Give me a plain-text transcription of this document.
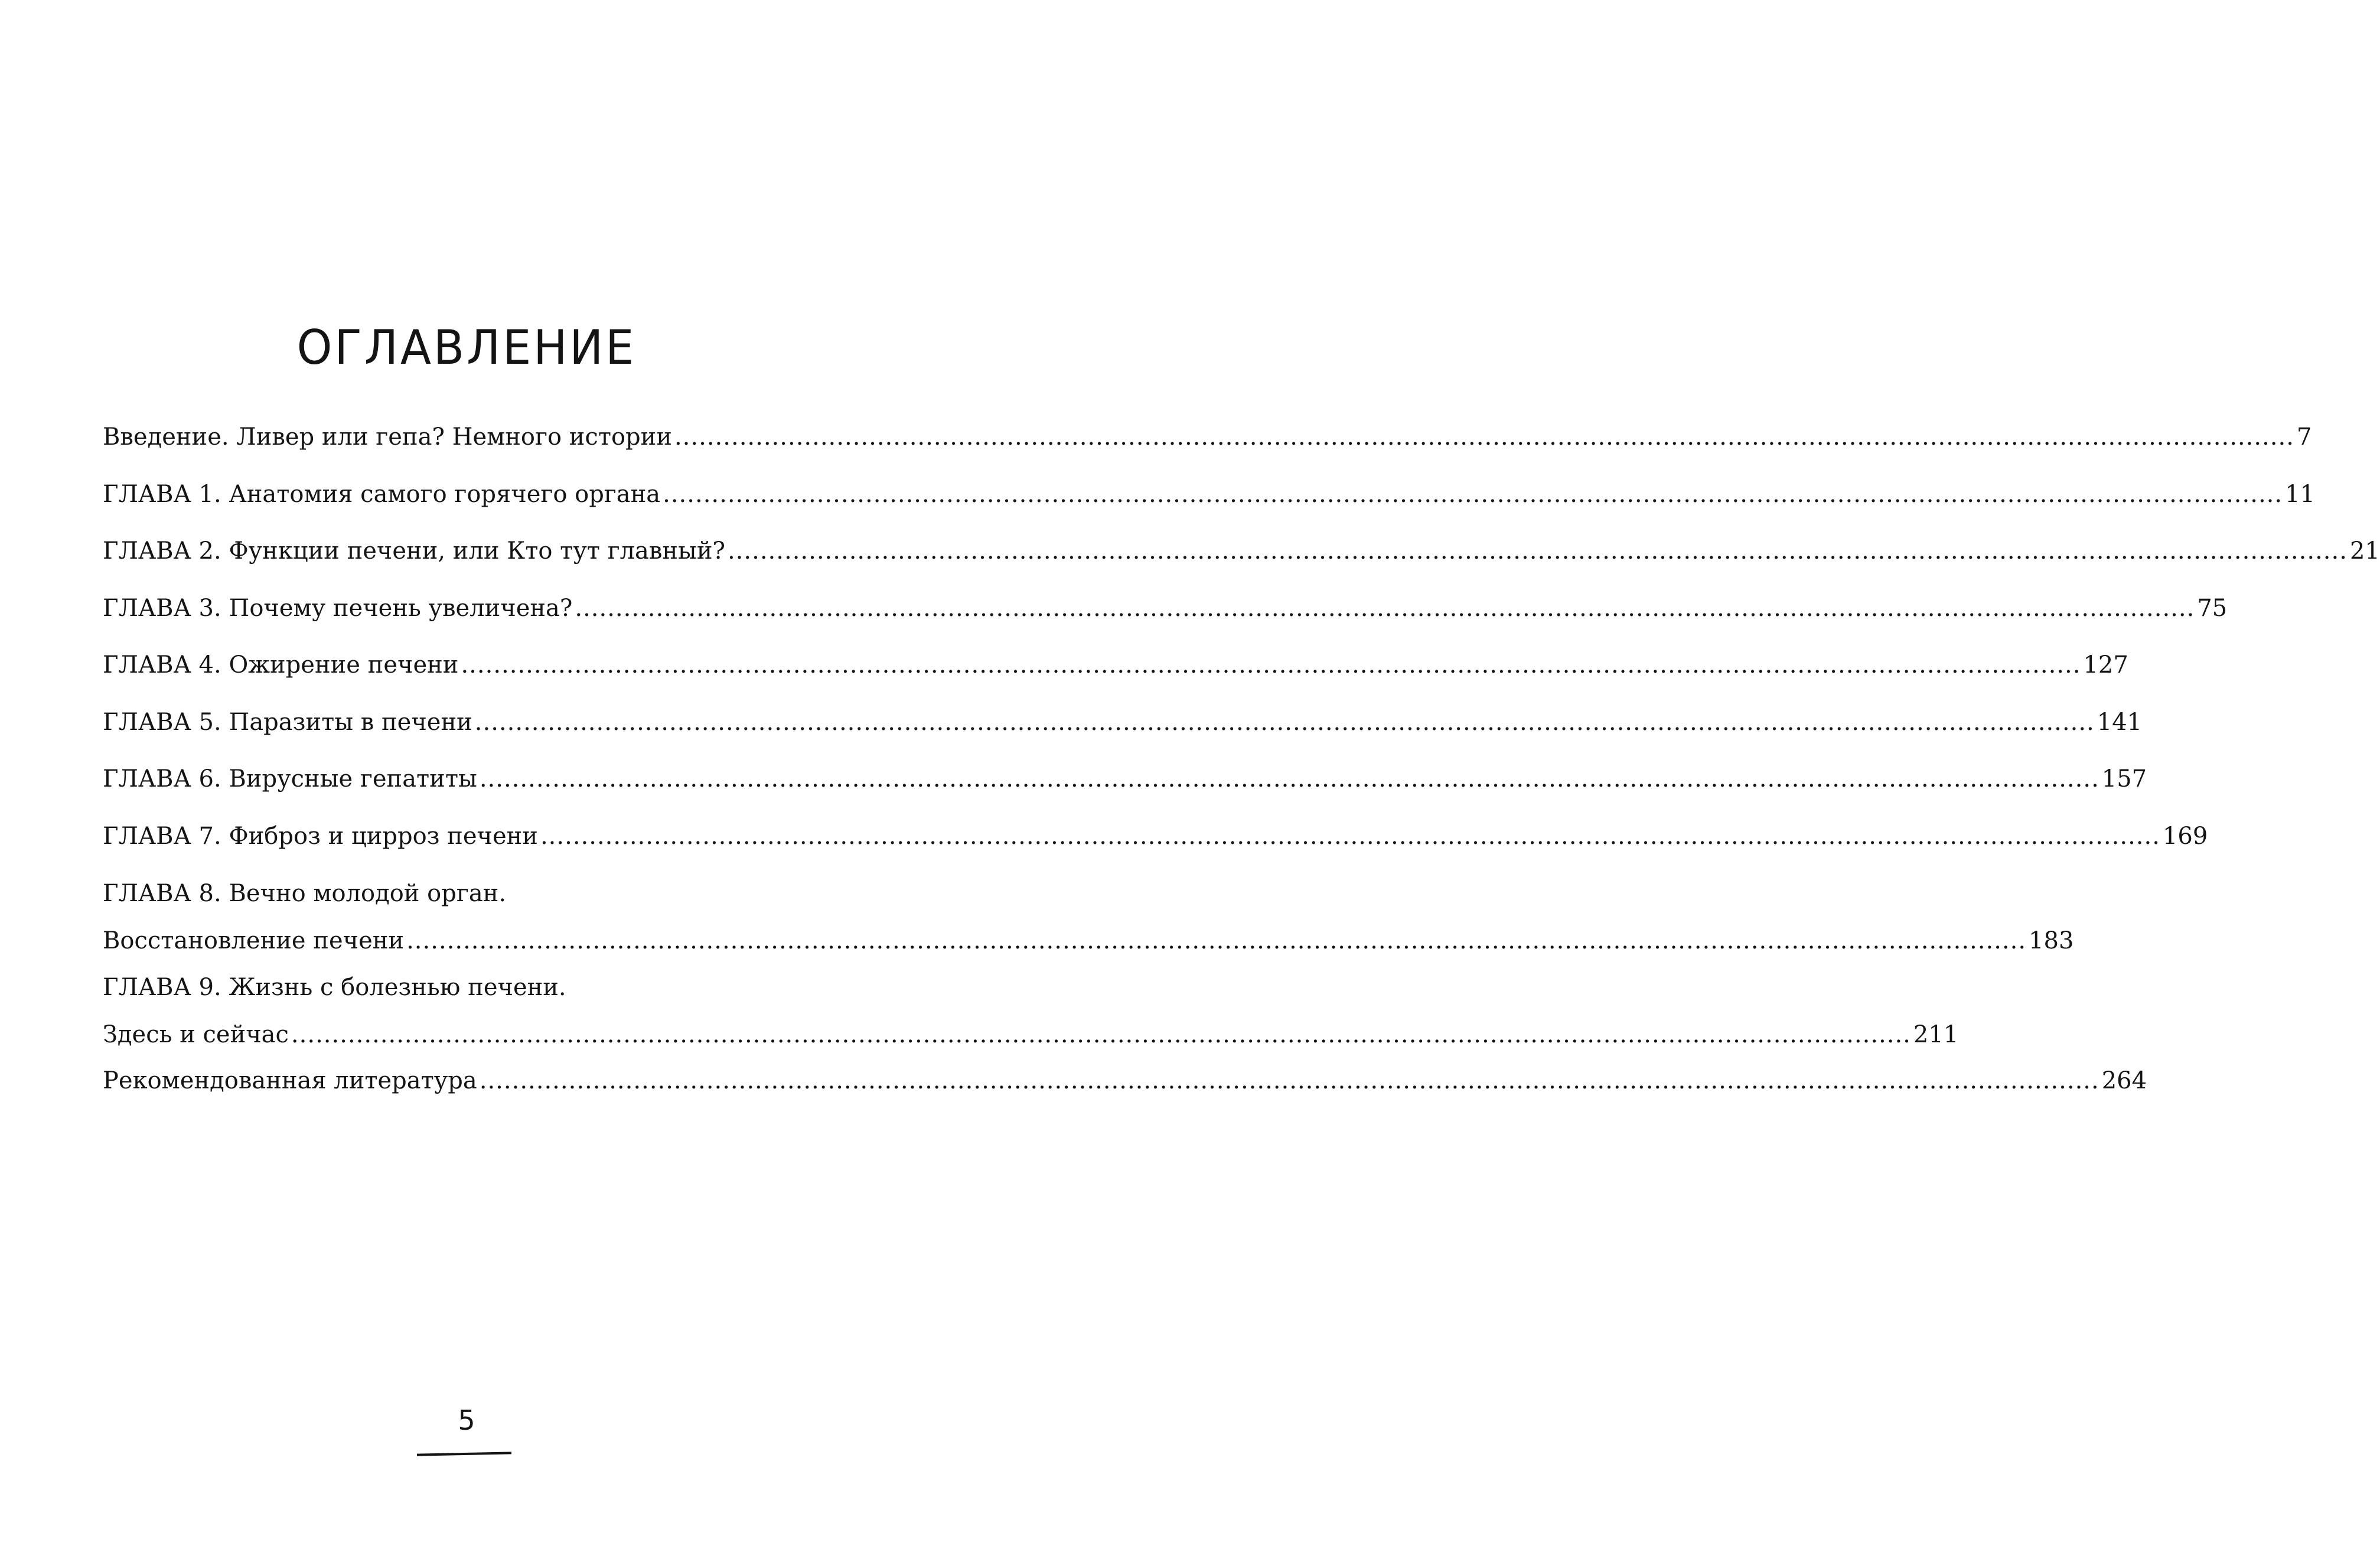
ОГЛАВЛЕНИЕ
Введение. Ливер или гепа? Немного истории ........................................................................................................................................................................................................ 7
ГЛАВА 1. Анатомия самого горячего органа ........................................................................................................................................................................................................ 11
ГЛАВА 2. Функции печени, или Кто тут главный? ........................................................................................................................................................................................................ 21
ГЛАВА 3. Почему печень увеличена? ........................................................................................................................................................................................................ 75
ГЛАВА 4. Ожирение печени ........................................................................................................................................................................................................ 127
ГЛАВА 5. Паразиты в печени ........................................................................................................................................................................................................ 141
ГЛАВА 6. Вирусные гепатиты ........................................................................................................................................................................................................ 157
ГЛАВА 7. Фиброз и цирроз печени ........................................................................................................................................................................................................ 169
ГЛАВА 8. Вечно молодой орган.
Восстановление печени ........................................................................................................................................................................................................ 183
ГЛАВА 9. Жизнь с болезнью печени.
Здесь и сейчас ........................................................................................................................................................................................................ 211
Рекомендованная литература ........................................................................................................................................................................................................ 264
5
